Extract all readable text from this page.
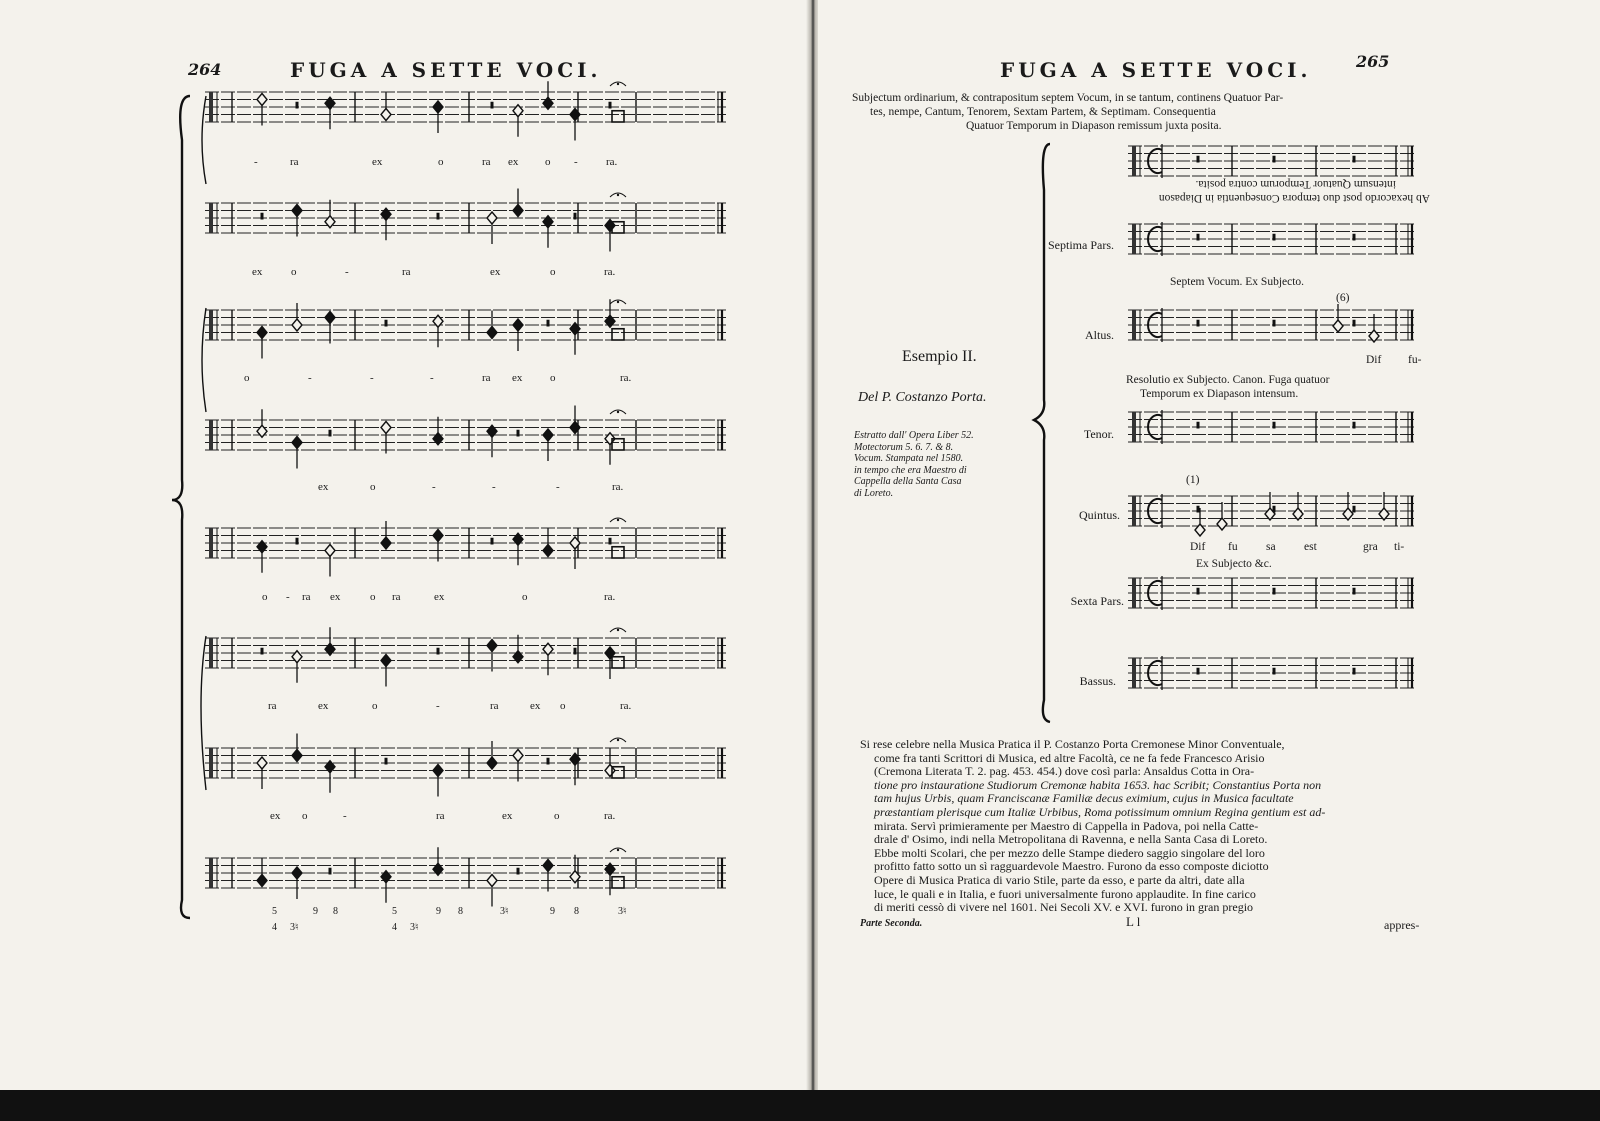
264	FUGA A SETTE VOCI.
-	ra	ex	o	ra ex o -	ra.
ex	o	-	ra	ex	o	ra.
o	-	-	-	ra ex	o	ra.
ex	o	-	-	-	ra.
o - ra ex	o ra	ex	o	ra.
ra	ex	o	-	ra	ex o	ra.
ex o	-	ra	ex	o	ra.
5	9 8	5	9 8	3♮	9 8	3♮
4 3♮	4 3♮
FUGA A SETTE VOCI.	265
Subjectum ordinarium, & contrapositum septem Vocum, in se tantum, continens Quatuor Par-
tes, nempe, Cantum, Tenorem, Sextam Partem, & Septimam. Consequentia
Quatuor Temporum in Diapason remissum juxta posita.
Ab hexacordo post duo tempora Consequentia in Diapason
intensum Quatuor Temporum contra posita.
Septima Pars.
Septem Vocum. Ex Subjecto.
(6)
Esempio II.
Del P. Costanzo Porta.
Estratto dall' Opera Liber 52.
Motectorum 5. 6. 7. & 8.
Vocum. Stampata nel 1580.
in tempo che era Maestro di
Cappella della Santa Casa
di Loreto.
Altus.
Dif fu-
Resolutio ex Subjecto. Canon. Fuga quatuor
Temporum ex Diapason intensum.
Tenor.
(1)
Quintus.
Dif fu sa est	gra ti-
Ex Subjecto &c.
Sexta Pars.
Bassus.
Si rese celebre nella Musica Pratica il P. Costanzo Porta Cremonese Minor Conventuale,
come fra tanti Scrittori di Musica, ed altre Facoltà, ce ne fa fede Francesco Arisio
(Cremona Literata T. 2. pag. 453. 454.) dove così parla: Ansaldus Cotta in Ora-
tione pro instauratione Studiorum Cremonæ habita 1653. hac Scribit; Constantius Porta non
tam hujus Urbis, quam Franciscanæ Familiæ decus eximium, cujus in Musica facultate
præstantiam plerisque cum Italiæ Urbibus, Roma potissimum omnium Regina gentium est ad-
mirata. Servì primieramente per Maestro di Cappella in Padova, poi nella Catte-
drale d' Osimo, indi nella Metropolitana di Ravenna, e nella Santa Casa di Loreto.
Ebbe molti Scolari, che per mezzo delle Stampe diedero saggio singolare del loro
profitto fatto sotto un sì ragguardevole Maestro. Furono da esso composte diciotto
Opere di Musica Pratica di vario Stile, parte da esso, e parte da altri, date alla
luce, le quali e in Italia, e fuori universalmente furono applaudite. In fine carico
di meriti cessò di vivere nel 1601. Nei Secoli XV. e XVI. furono in gran pregio
Parte Seconda.	L l	appres-
